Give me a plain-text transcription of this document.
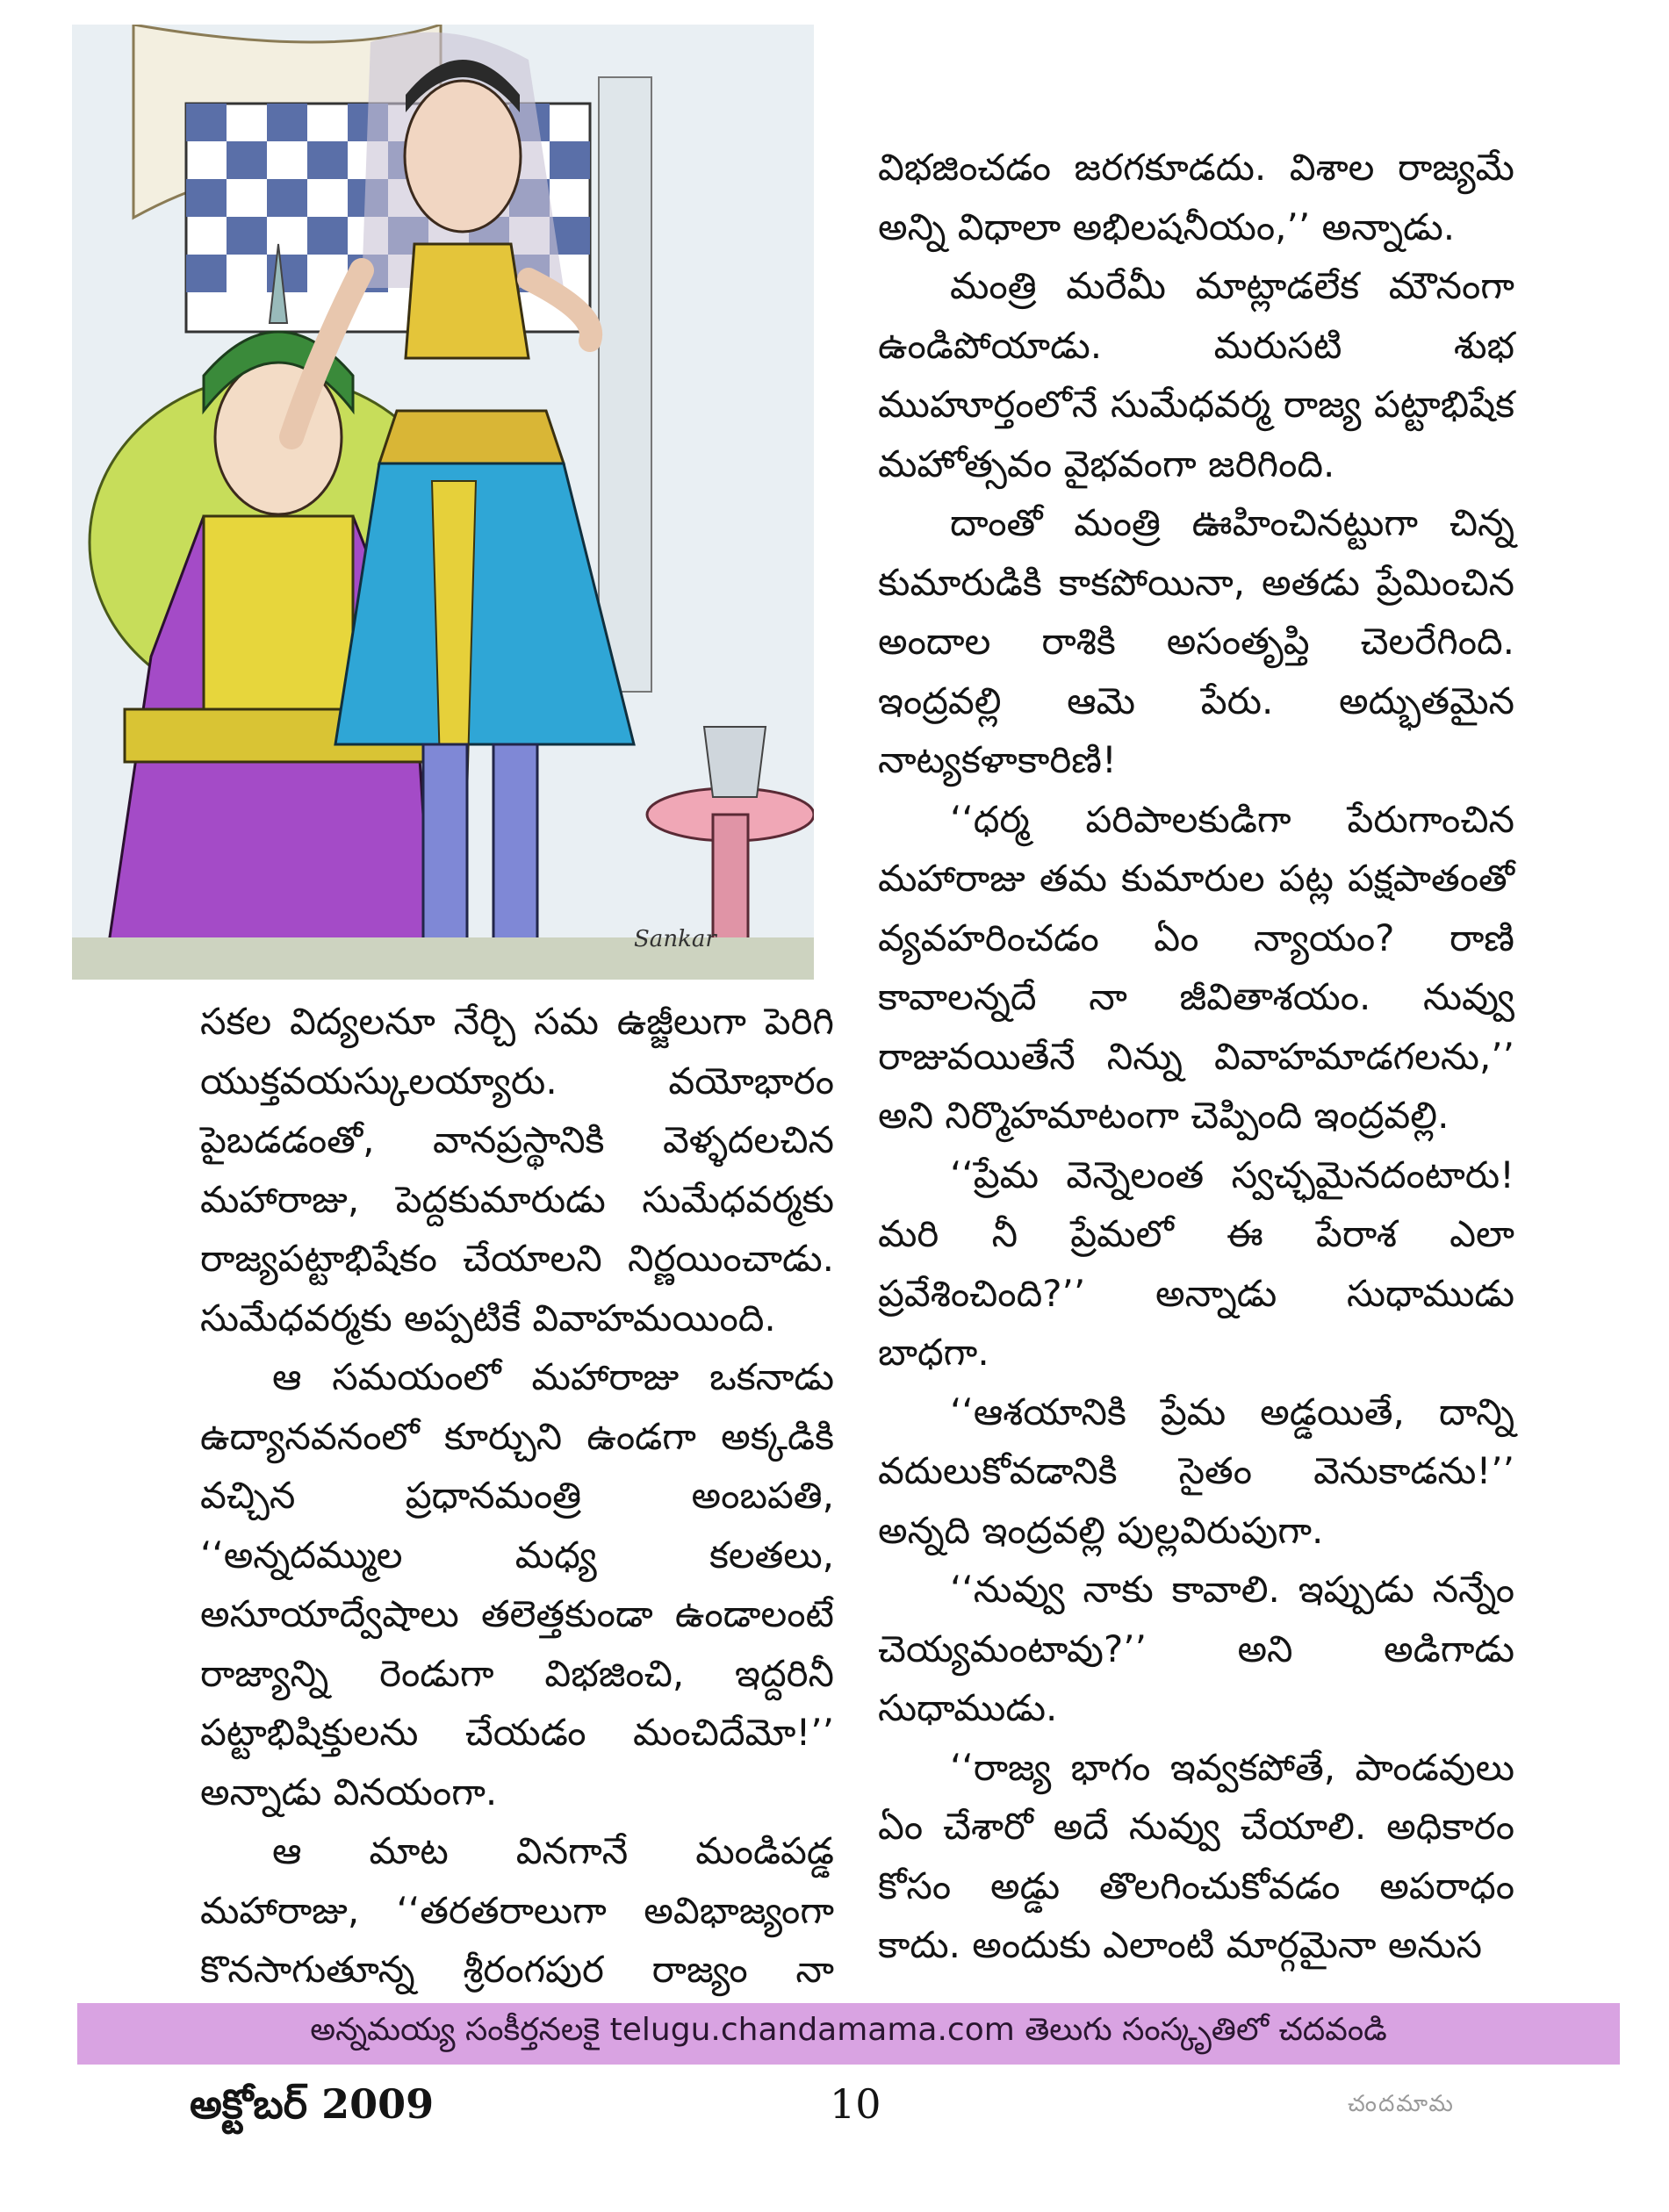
Sankar

సకల విద్యలనూ నేర్చి సమ ఉజ్జీలుగా పెరిగి యుక్తవయస్కులయ్యారు. వయోభారం పైబడడంతో, వానప్రస్థానికి వెళ్ళదలచిన మహారాజు, పెద్దకుమారుడు సుమేధవర్మకు రాజ్యపట్టాభిషేకం చేయాలని నిర్ణయించాడు. సుమేధవర్మకు అప్పటికే వివాహమయింది.

ఆ సమయంలో మహారాజు ఒకనాడు ఉద్యానవనంలో కూర్చుని ఉండగా అక్కడికి వచ్చిన ప్రధానమంత్రి అంబపతి, ‘‘అన్నదమ్ముల మధ్య కలతలు, అసూయాద్వేషాలు తలెత్తకుండా ఉండాలంటే రాజ్యాన్ని రెండుగా విభజించి, ఇద్దరినీ పట్టాభిషిక్తులను చేయడం మంచిదేమో!’’ అన్నాడు వినయంగా.

ఆ మాట వినగానే మండిపడ్డ మహారాజు, ‘‘తరతరాలుగా అవిభాజ్యంగా కొనసాగుతూన్న శ్రీరంగపుర రాజ్యం నా

విభజించడం జరగకూడదు. విశాల రాజ్యమే అన్ని విధాలా అభిలషనీయం,’’ అన్నాడు.

మంత్రి మరేమీ మాట్లాడలేక మౌనంగా ఉండిపోయాడు. మరుసటి శుభ ముహూర్తంలోనే సుమేధవర్మ రాజ్య పట్టాభిషేక మహోత్సవం వైభవంగా జరిగింది.

దాంతో మంత్రి ఊహించినట్టుగా చిన్న కుమారుడికి కాకపోయినా, అతడు ప్రేమించిన అందాల రాశికి అసంతృప్తి చెలరేగింది. ఇంద్రవల్లి ఆమె పేరు. అద్భుతమైన నాట్యకళాకారిణి!

‘‘ధర్మ పరిపాలకుడిగా పేరుగాంచిన మహారాజు తమ కుమారుల పట్ల పక్షపాతంతో వ్యవహరించడం ఏం న్యాయం? రాణి కావాలన్నదే నా జీవితాశయం. నువ్వు రాజువయితేనే నిన్ను వివాహమాడగలను,’’ అని నిర్మొహమాటంగా చెప్పింది ఇంద్రవల్లి.

‘‘ప్రేమ వెన్నెలంత స్వచ్ఛమైనదంటారు! మరి నీ ప్రేమలో ఈ పేరాశ ఎలా ప్రవేశించింది?’’ అన్నాడు సుధాముడు బాధగా.

‘‘ఆశయానికి ప్రేమ అడ్డయితే, దాన్ని వదులుకోవడానికి సైతం వెనుకాడను!’’ అన్నది ఇంద్రవల్లి పుల్లవిరుపుగా.

‘‘నువ్వు నాకు కావాలి. ఇప్పుడు నన్నేం చెయ్యమంటావు?’’ అని అడిగాడు సుధాముడు.

‘‘రాజ్య భాగం ఇవ్వకపోతే, పాండవులు ఏం చేశారో అదే నువ్వు చేయాలి. అధికారం కోసం అడ్డు తొలగించుకోవడం అపరాధం కాదు. అందుకు ఎలాంటి మార్గమైనా అనుస

అన్నమయ్య సంకీర్తనలకై telugu.chandamama.com తెలుగు సంస్కృతిలో చదవండి
అక్టోబర్ 2009	10	చందమామ
